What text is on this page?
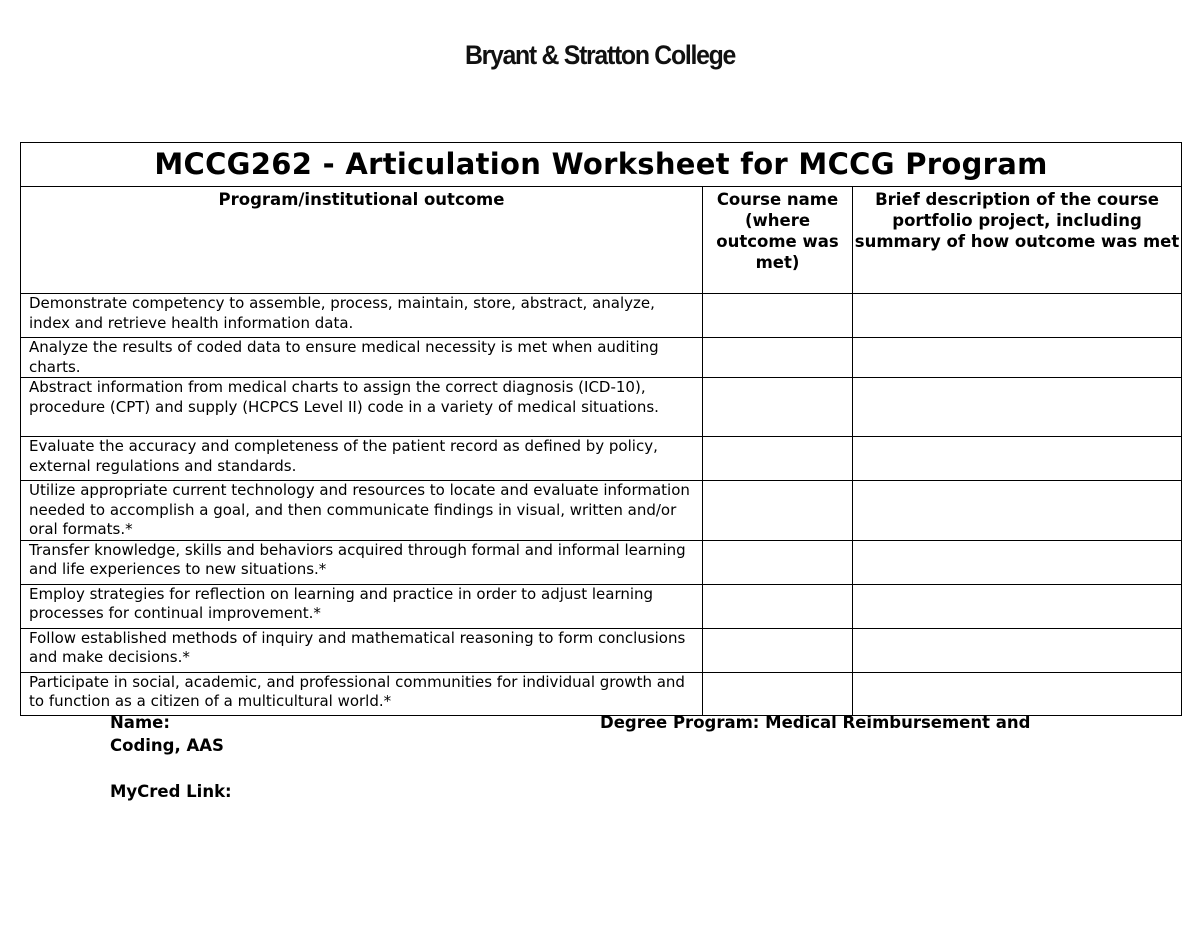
Bryant & Stratton College
MCCG262 - Articulation Worksheet for MCCG Program		
Program/institutional outcome	Course name (where outcome was met)	Brief description of the course portfolio project, including summary of how outcome was met
Demonstrate competency to assemble, process, maintain, store, abstract, analyze, index and retrieve health information data.		
Analyze the results of coded data to ensure medical necessity is met when auditing charts.		
Abstract information from medical charts to assign the correct diagnosis (ICD-10), procedure (CPT) and supply (HCPCS Level II) code in a variety of medical situations.		
Evaluate the accuracy and completeness of the patient record as defined by policy, external regulations and standards.		
Utilize appropriate current technology and resources to locate and evaluate information needed to accomplish a goal, and then communicate findings in visual, written and/or oral formats.*		
Transfer knowledge, skills and behaviors acquired through formal and informal learning and life experiences to new situations.*		
Employ strategies for reflection on learning and practice in order to adjust learning processes for continual improvement.*		
Follow established methods of inquiry and mathematical reasoning to form conclusions and make decisions.*		
Participate in social, academic, and professional communities for individual growth and to function as a citizen of a multicultural world.*		
Name:	Degree Program: Medical Reimbursement and
Coding, AAS
MyCred Link:
